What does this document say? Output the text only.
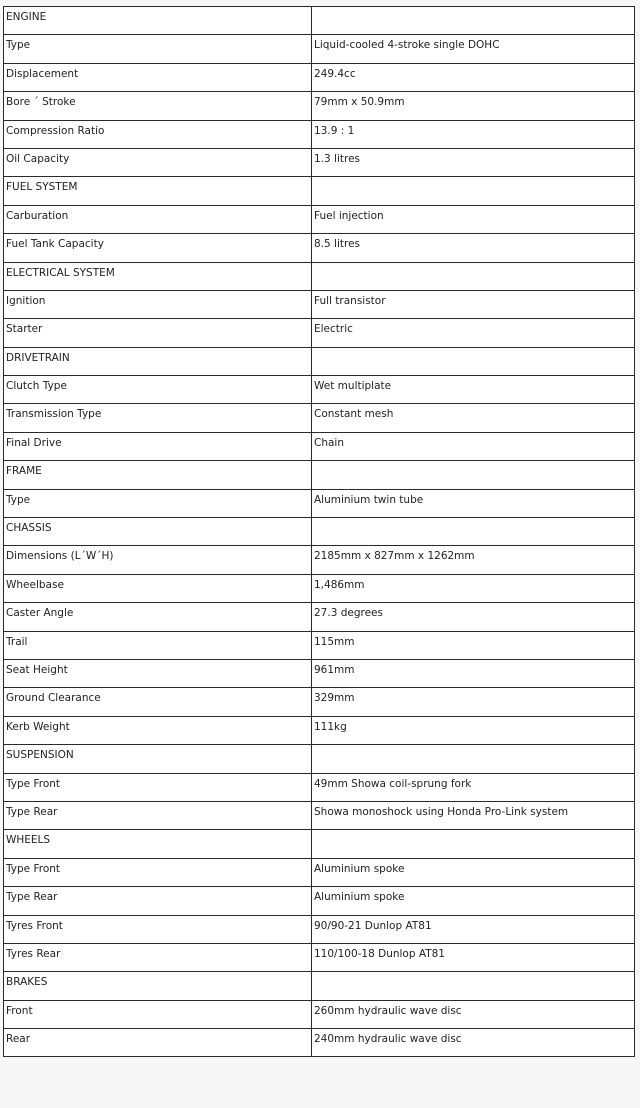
ENGINE	
Type	Liquid-cooled 4-stroke single DOHC
Displacement	249.4cc
Bore ´ Stroke	79mm x 50.9mm
Compression Ratio	13.9 : 1
Oil Capacity	1.3 litres
FUEL SYSTEM	
Carburation	Fuel injection
Fuel Tank Capacity	8.5 litres
ELECTRICAL SYSTEM	
Ignition	Full transistor
Starter	Electric
DRIVETRAIN	
Clutch Type	Wet multiplate
Transmission Type	Constant mesh
Final Drive	Chain
FRAME	
Type	Aluminium twin tube
CHASSIS	
Dimensions (L´W´H)	2185mm x 827mm x 1262mm
Wheelbase	1,486mm
Caster Angle	27.3 degrees
Trail	115mm
Seat Height	961mm
Ground Clearance	329mm
Kerb Weight	111kg
SUSPENSION	
Type Front	49mm Showa coil-sprung fork
Type Rear	Showa monoshock using Honda Pro-Link system
WHEELS	
Type Front	Aluminium spoke
Type Rear	Aluminium spoke
Tyres Front	90/90-21 Dunlop AT81
Tyres Rear	110/100-18 Dunlop AT81
BRAKES	
Front	260mm hydraulic wave disc
Rear	240mm hydraulic wave disc
